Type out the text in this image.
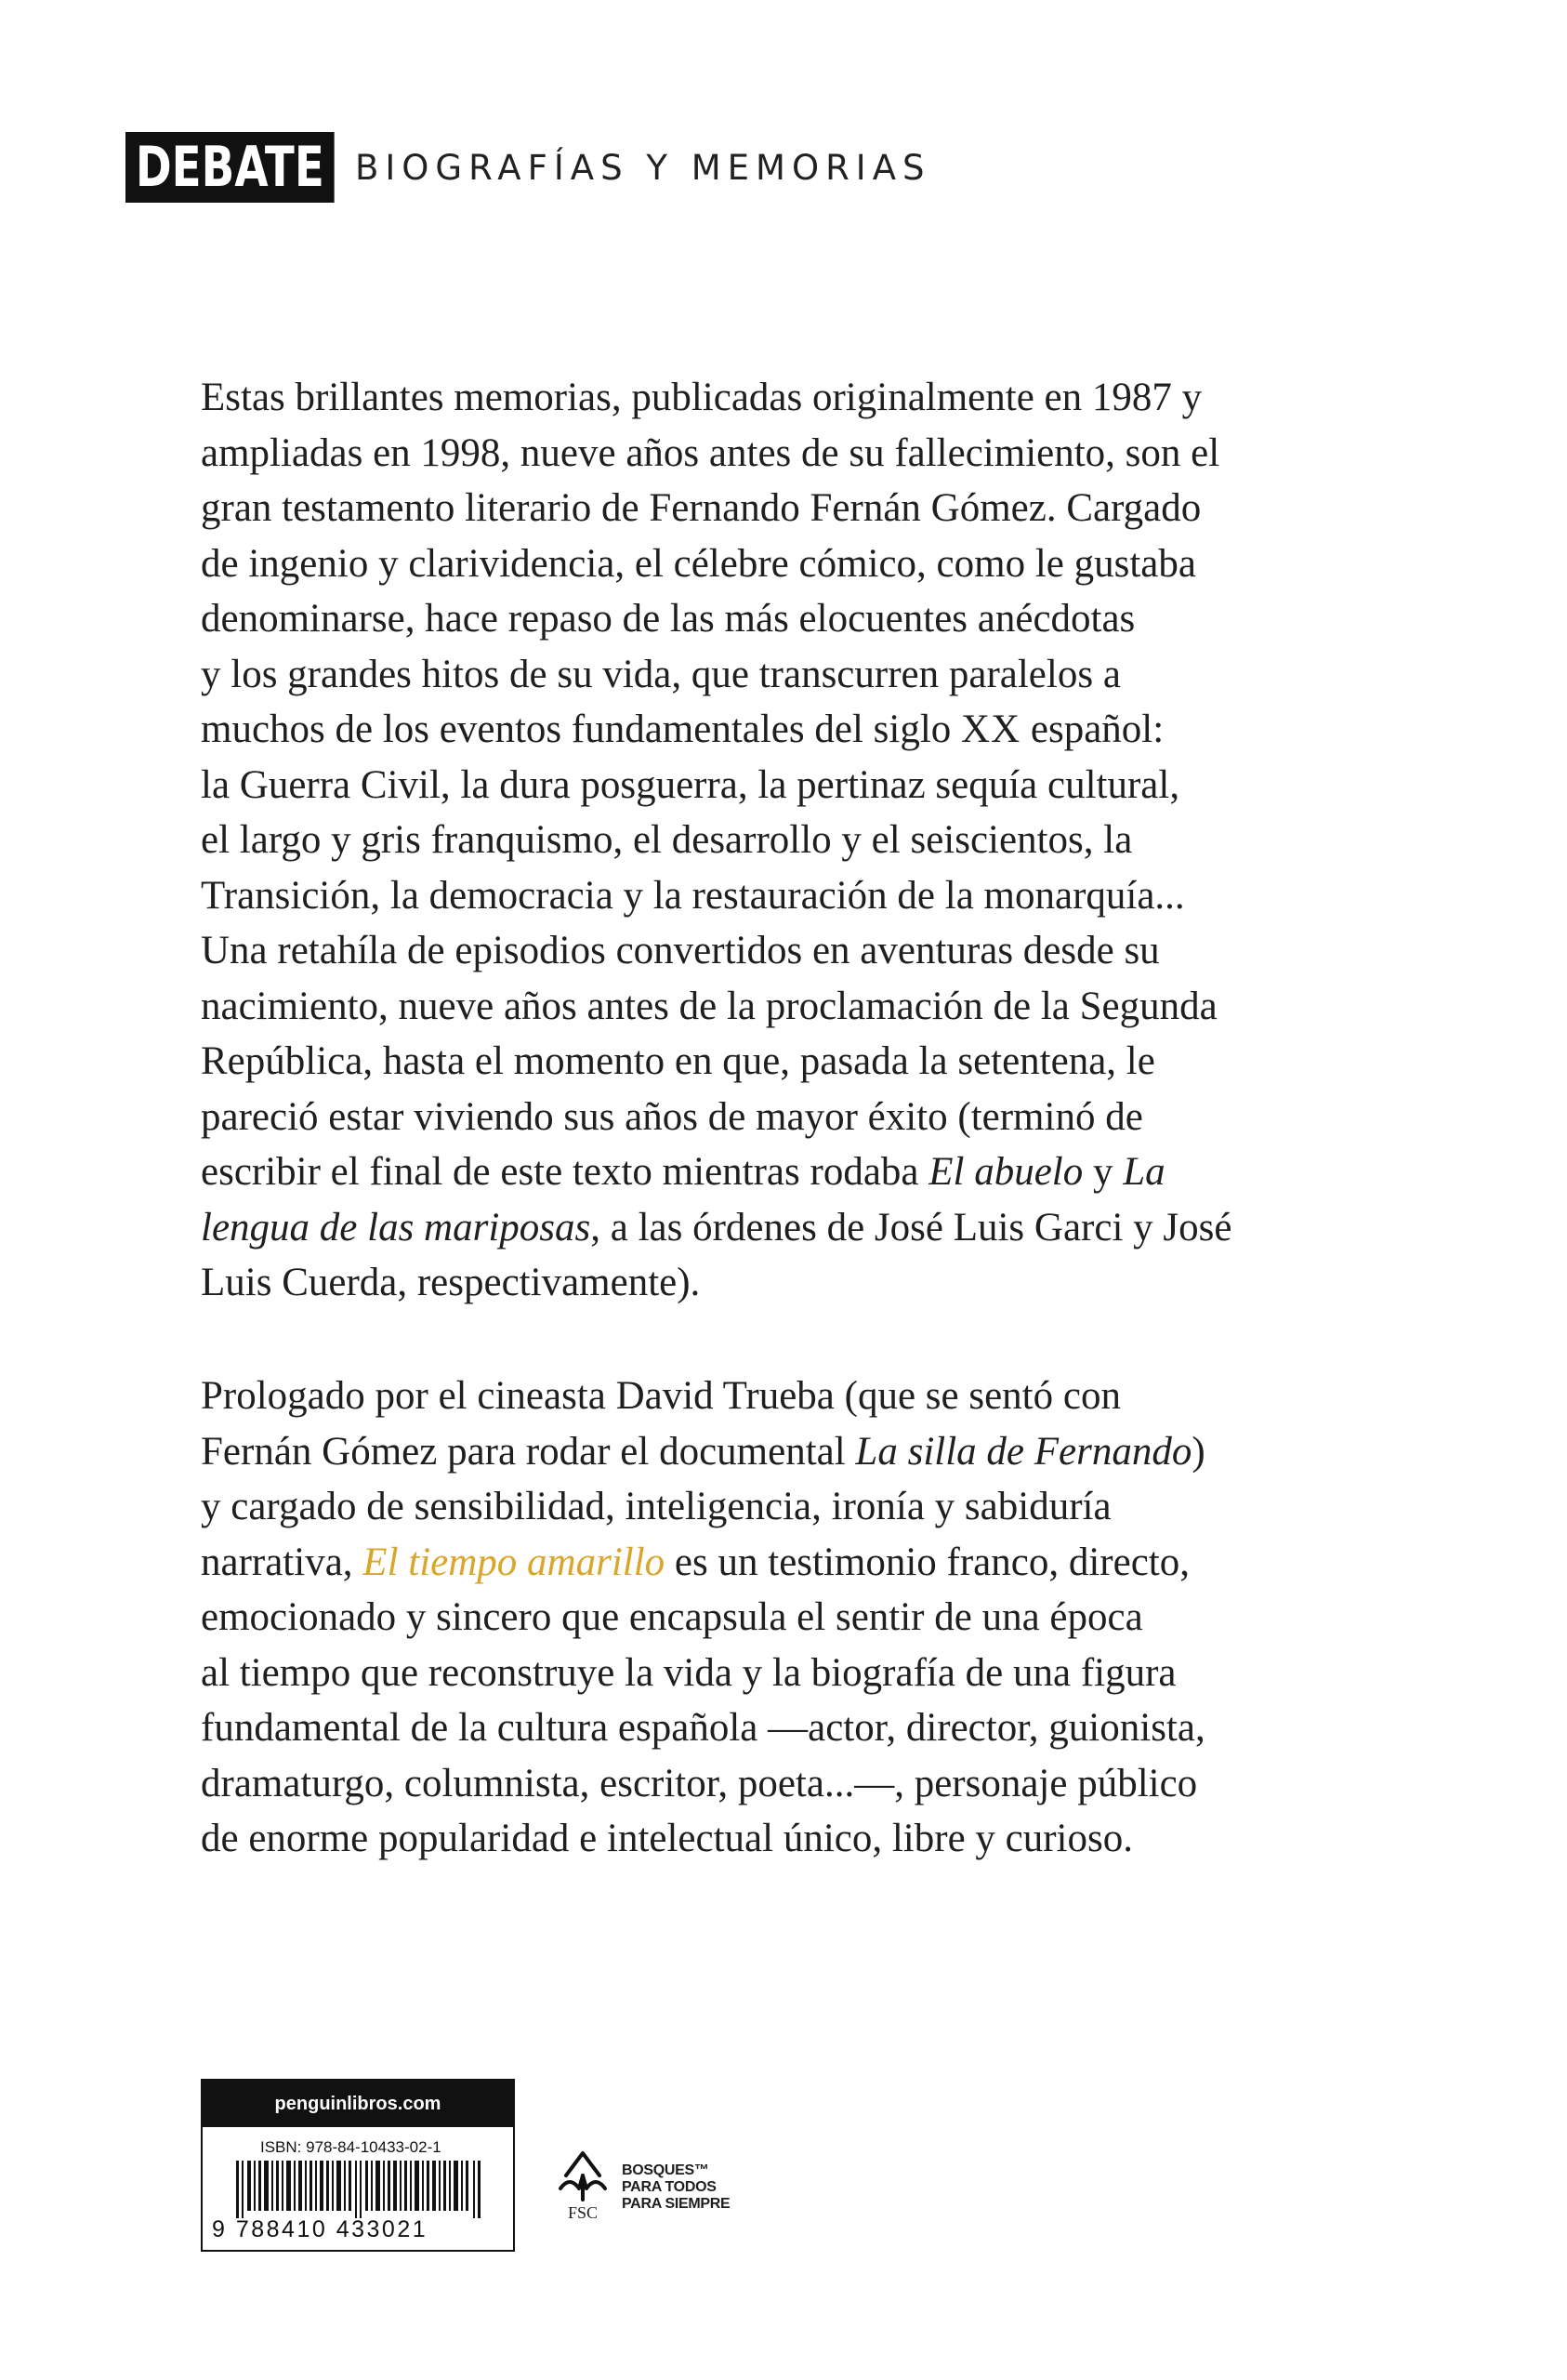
DEBATE BIOGRAFÍAS Y MEMORIAS
Estas brillantes memorias, publicadas originalmente en 1987 y
ampliadas en 1998, nueve años antes de su fallecimiento, son el
gran testamento literario de Fernando Fernán Gómez. Cargado
de ingenio y clarividencia, el célebre cómico, como le gustaba
denominarse, hace repaso de las más elocuentes anécdotas
y los grandes hitos de su vida, que transcurren paralelos a
muchos de los eventos fundamentales del siglo XX español:
la Guerra Civil, la dura posguerra, la pertinaz sequía cultural,
el largo y gris franquismo, el desarrollo y el seiscientos, la
Transición, la democracia y la restauración de la monarquía...
Una retahíla de episodios convertidos en aventuras desde su
nacimiento, nueve años antes de la proclamación de la Segunda
República, hasta el momento en que, pasada la setentena, le
pareció estar viviendo sus años de mayor éxito (terminó de
escribir el final de este texto mientras rodaba El abuelo y La
lengua de las mariposas, a las órdenes de José Luis Garci y José
Luis Cuerda, respectivamente).
Prologado por el cineasta David Trueba (que se sentó con
Fernán Gómez para rodar el documental La silla de Fernando)
y cargado de sensibilidad, inteligencia, ironía y sabiduría
narrativa, El tiempo amarillo es un testimonio franco, directo,
emocionado y sincero que encapsula el sentir de una época
al tiempo que reconstruye la vida y la biografía de una figura
fundamental de la cultura española —actor, director, guionista,
dramaturgo, columnista, escritor, poeta...—, personaje público
de enorme popularidad e intelectual único, libre y curioso.
penguinlibros.com
ISBN: 978-84-10433-02-1
9 788410 433021
FSC
BOSQUES™
PARA TODOS
PARA SIEMPRE
